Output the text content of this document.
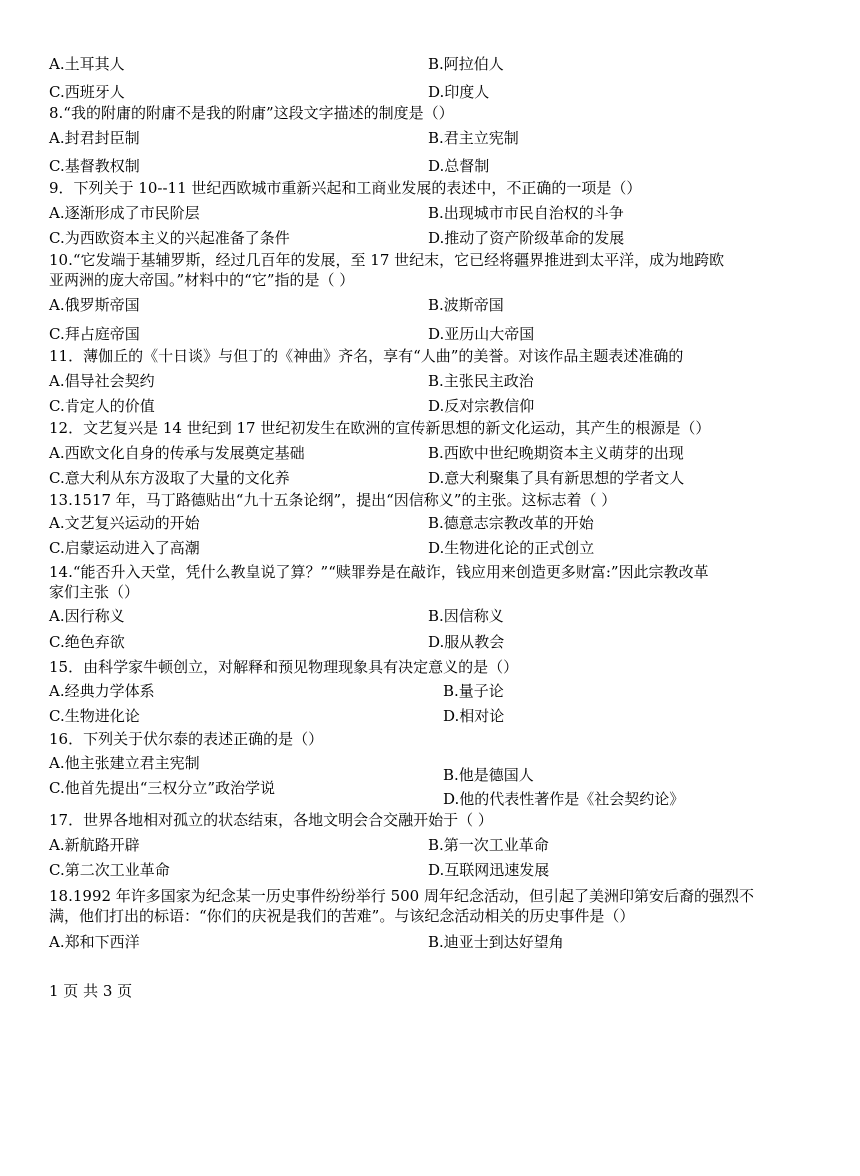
A.土耳其人	B.阿拉伯人
C.西班牙人	D.印度人
8.“我的附庸的附庸不是我的附庸”这段文字描述的制度是（）
A.封君封臣制	B.君主立宪制
C.基督教权制	D.总督制
9．下列关于 10--11 世纪西欧城市重新兴起和工商业发展的表述中，不正确的一项是（）
A.逐渐形成了市民阶层	B.出现城市市民自治权的斗争
C.为西欧资本主义的兴起准备了条件	D.推动了资产阶级革命的发展
10.“它发端于基辅罗斯，经过几百年的发展，至 17 世纪末，它已经将疆界推进到太平洋，成为地跨欧
亚两洲的庞大帝国。”材料中的“它”指的是（ ）
A.俄罗斯帝国	B.波斯帝国
C.拜占庭帝国	D.亚历山大帝国
11．薄伽丘的《十日谈》与但丁的《神曲》齐名，享有“人曲”的美誉。对该作品主题表述准确的
A.倡导社会契约	B.主张民主政治
C.肯定人的价值	D.反对宗教信仰
12．文艺复兴是 14 世纪到 17 世纪初发生在欧洲的宣传新思想的新文化运动，其产生的根源是（）
A.西欧文化自身的传承与发展奠定基础	B.西欧中世纪晚期资本主义萌芽的出现
C.意大利从东方汲取了大量的文化养	D.意大利聚集了具有新思想的学者文人
13.1517 年，马丁路德贴出“九十五条论纲”，提出“因信称义”的主张。这标志着（ ）
A.文艺复兴运动的开始	B.德意志宗教改革的开始
C.启蒙运动进入了高潮	D.生物进化论的正式创立
14.“能否升入天堂，凭什么教皇说了算？”“赎罪券是在敲诈，钱应用来创造更多财富:”因此宗教改革
家们主张（）
A.因行称义	B.因信称义
C.绝色弃欲	D.服从教会
15．由科学家牛顿创立，对解释和预见物理现象具有决定意义的是（）
A.经典力学体系	B.量子论
C.生物进化论	D.相对论
16．下列关于伏尔泰的表述正确的是（）
A.他主张建立君主宪制
B.他是德国人
C.他首先提出“三权分立”政治学说
D.他的代表性著作是《社会契约论》
17．世界各地相对孤立的状态结束，各地文明会合交融开始于（ ）
A.新航路开辟	B.第一次工业革命
C.第二次工业革命	D.互联网迅速发展
18.1992 年许多国家为纪念某一历史事件纷纷举行 500 周年纪念活动，但引起了美洲印第安后裔的强烈不
满，他们打出的标语：“你们的庆祝是我们的苦难”。与该纪念活动相关的历史事件是（）
A.郑和下西洋	B.迪亚士到达好望角
1 页 共 3 页
